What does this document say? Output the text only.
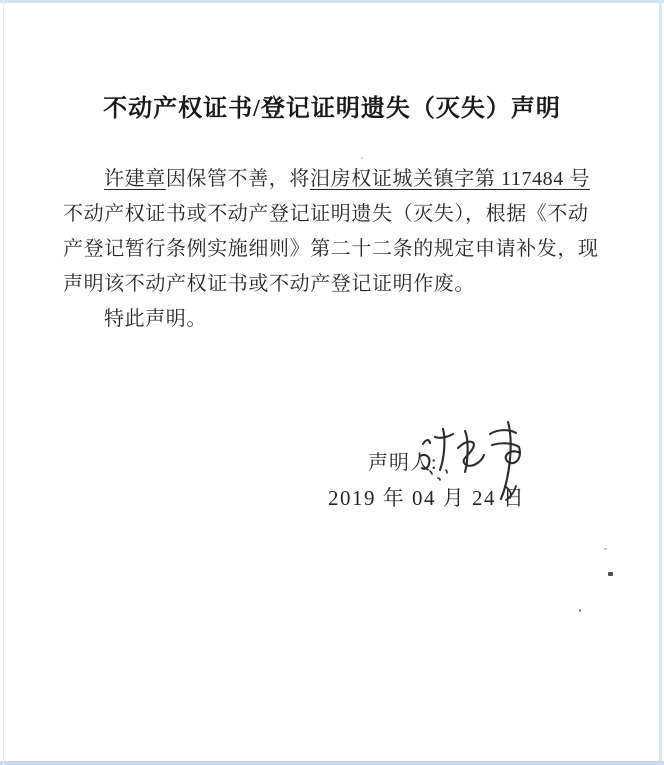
不动产权证书/登记证明遗失（灭失）声明
许建章因保管不善，将汨房权证城关镇字第 117484 号
不动产权证书或不动产登记证明遗失（灭失），根据《不动
产登记暂行条例实施细则》第二十二条的规定申请补发，现
声明该不动产权证书或不动产登记证明作废。
特此声明。
声明人:
2019 年 04 月 24 日
